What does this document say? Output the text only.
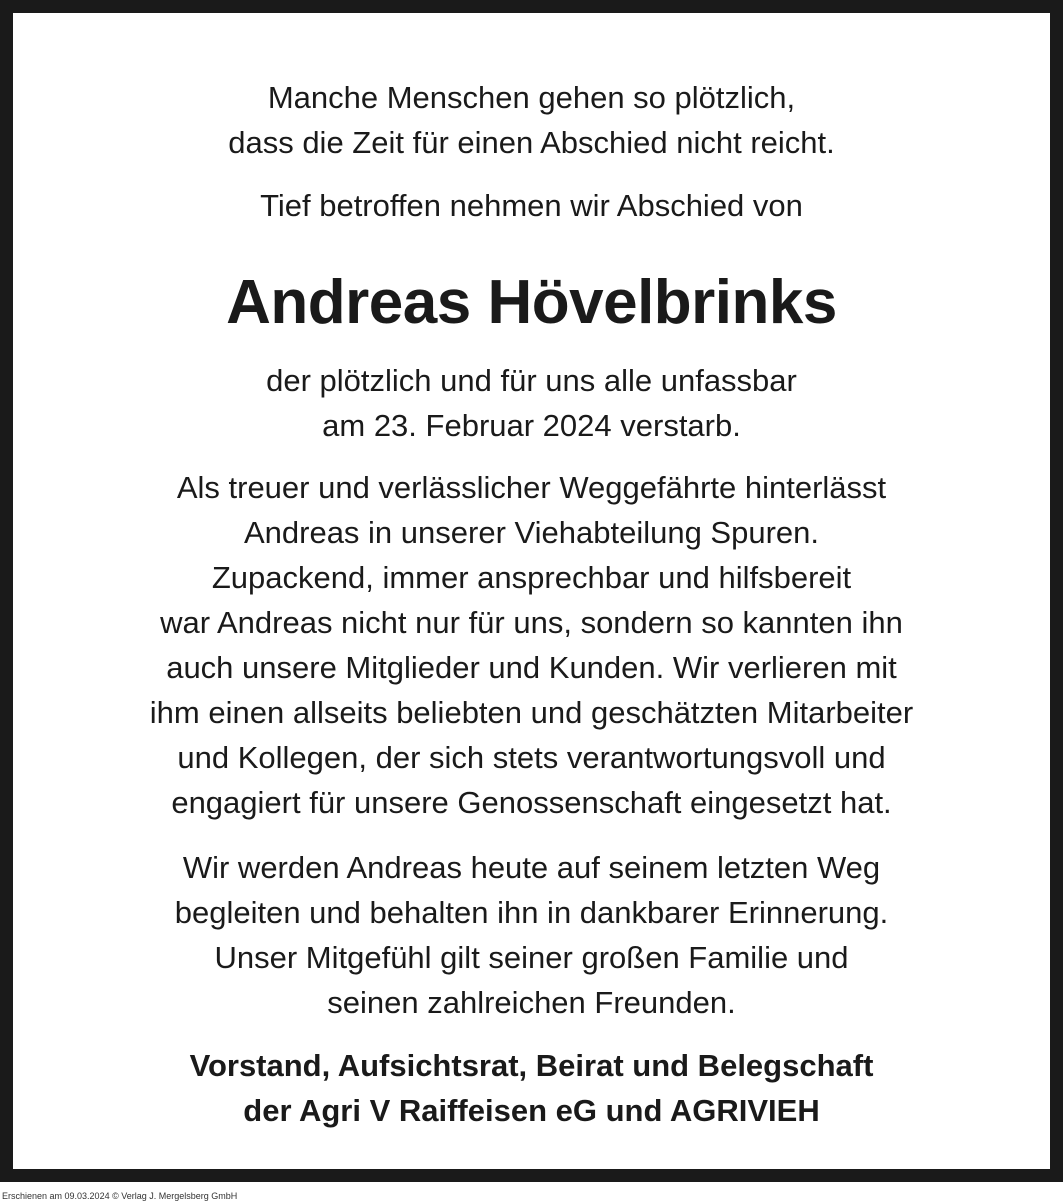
Manche Menschen gehen so plötzlich,
dass die Zeit für einen Abschied nicht reicht.
Tief betroffen nehmen wir Abschied von
Andreas Hövelbrinks
der plötzlich und für uns alle unfassbar
am 23. Februar 2024 verstarb.
Als treuer und verlässlicher Weggefährte hinterlässt
Andreas in unserer Viehabteilung Spuren.
Zupackend, immer ansprechbar und hilfsbereit
war Andreas nicht nur für uns, sondern so kannten ihn
auch unsere Mitglieder und Kunden. Wir verlieren mit
ihm einen allseits beliebten und geschätzten Mitarbeiter
und Kollegen, der sich stets verantwortungsvoll und
engagiert für unsere Genossenschaft eingesetzt hat.
Wir werden Andreas heute auf seinem letzten Weg
begleiten und behalten ihn in dankbarer Erinnerung.
Unser Mitgefühl gilt seiner großen Familie und
seinen zahlreichen Freunden.
Vorstand, Aufsichtsrat, Beirat und Belegschaft
der Agri V Raiffeisen eG und AGRIVIEH
Erschienen am 09.03.2024 © Verlag J. Mergelsberg GmbH
